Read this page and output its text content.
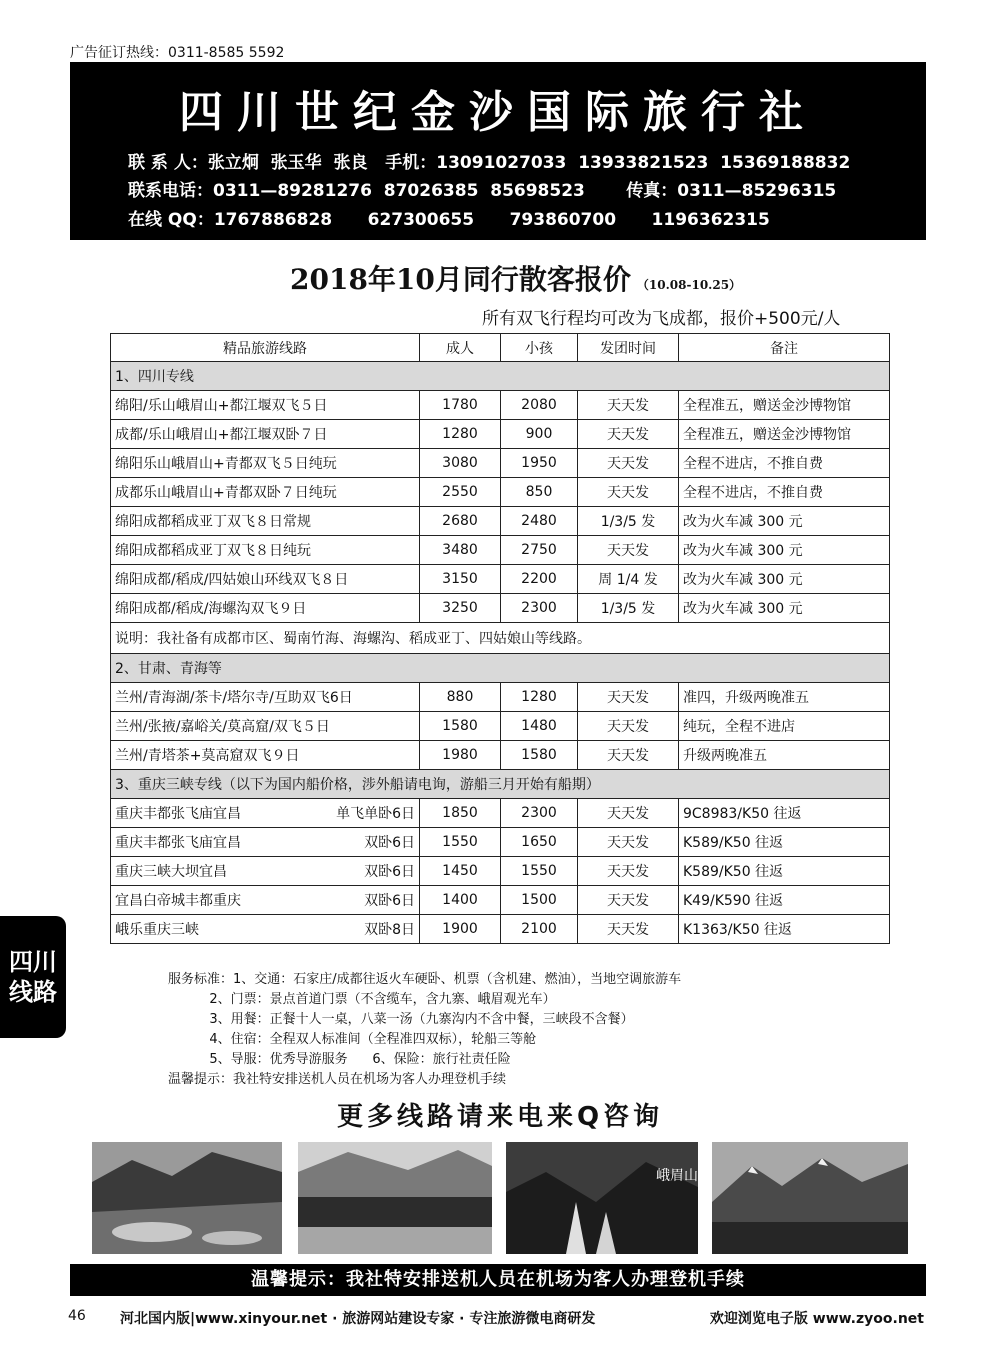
广告征订热线：0311-8585 5592
四川世纪金沙国际旅行社
联 系 人：张立炯  张玉华  张良   手机：13091027033  13933821523  15369188832
联系电话：0311—89281276  87026385  85698523       传真：0311—85296315
在线 QQ：1767886828      627300655      793860700      1196362315
2018年10月同行散客报价 （10.08-10.25）
所有双飞行程均可改为飞成都，报价+500元/人
精品旅游线路	成人	小孩	发团时间	备注
1、四川专线				
绵阳/乐山峨眉山+都江堰双飞５日	1780	2080	天天发	全程准五，赠送金沙博物馆
成都/乐山峨眉山+都江堰双卧７日	1280	900	天天发	全程准五，赠送金沙博物馆
绵阳乐山峨眉山+青都双飞５日纯玩	3080	1950	天天发	全程不进店，不推自费
成都乐山峨眉山+青都双卧７日纯玩	2550	850	天天发	全程不进店，不推自费
绵阳成都稻成亚丁双飞８日常规	2680	2480	1/3/5 发	改为火车减 300 元
绵阳成都稻成亚丁双飞８日纯玩	3480	2750	天天发	改为火车减 300 元
绵阳成都/稻成/四姑娘山环线双飞８日	3150	2200	周 1/4 发	改为火车减 300 元
绵阳成都/稻成/海螺沟双飞９日	3250	2300	1/3/5 发	改为火车减 300 元
说明：我社备有成都市区、蜀南竹海、海螺沟、稻成亚丁、四姑娘山等线路。				
2、甘肃、青海等				
兰州/青海湖/茶卡/塔尔寺/互助双飞6日	880	1280	天天发	准四，升级两晚准五
兰州/张掖/嘉峪关/莫高窟/双飞５日	1580	1480	天天发	纯玩，全程不进店
兰州/青塔茶+莫高窟双飞９日	1980	1580	天天发	升级两晚准五
3、重庆三峡专线（以下为国内船价格，涉外船请电询，游船三月开始有船期）				

重庆丰都张飞庙宜昌 单飞单卧6日	1850	2300	天天发	9C8983/K50 往返

重庆丰都张飞庙宜昌 双卧6日	1550	1650	天天发	K589/K50 往返

重庆三峡大坝宜昌 双卧6日	1450	1550	天天发	K589/K50 往返

宜昌白帝城丰都重庆 双卧6日	1400	1500	天天发	K49/K590 往返

峨乐重庆三峡 双卧8日	1900	2100	天天发	K1363/K50 往返
服务标准：1、交通：石家庄/成都往返火车硬卧、机票（含机建、燃油），当地空调旅游车
2、门票：景点首道门票（不含缆车，含九寨、峨眉观光车）
3、用餐：正餐十人一桌，八菜一汤（九寨沟内不含中餐，三峡段不含餐）
4、住宿：全程双人标准间（全程准四双标），轮船三等舱
5、导服：优秀导游服务      6、保险：旅行社责任险
温馨提示：我社特安排送机人员在机场为客人办理登机手续
更多线路请来电来Q咨询
峨眉山
温馨提示：我社特安排送机人员在机场为客人办理登机手续
46 河北国内版|www.xinyour.net · 旅游网站建设专家 · 专注旅游微电商研发	欢迎浏览电子版 www.zyoo.net
四川
线路
